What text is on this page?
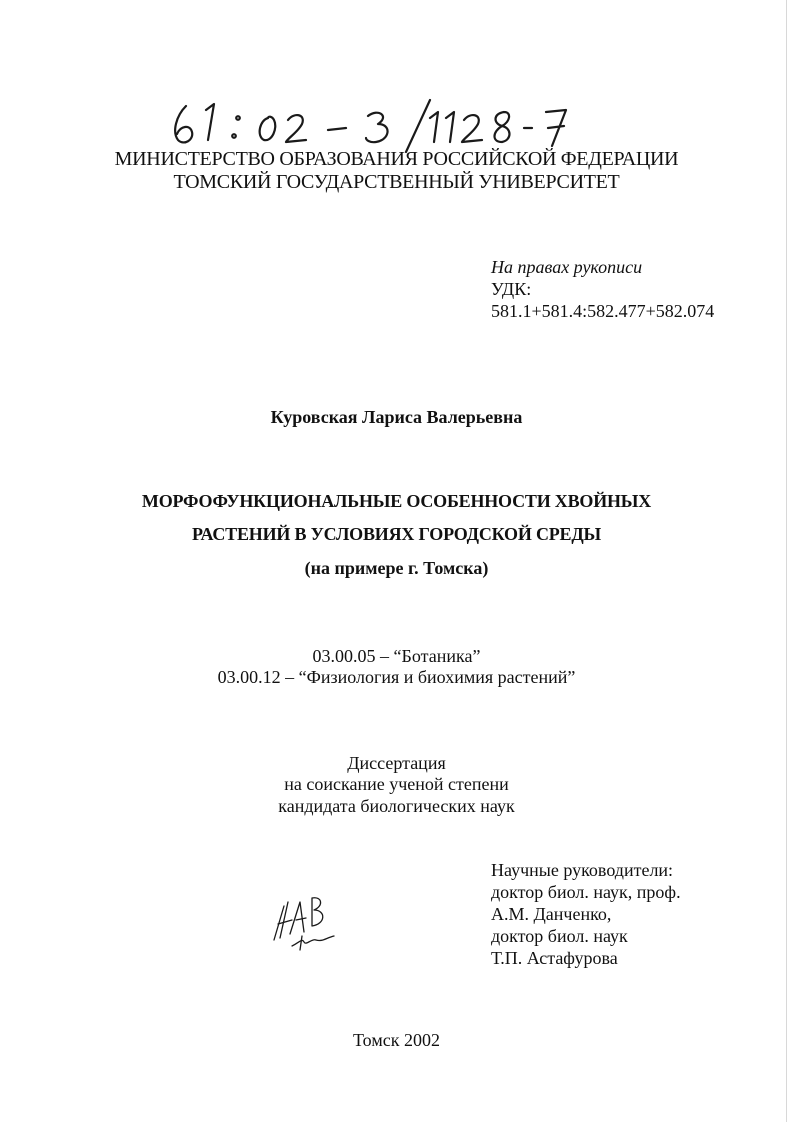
МИНИСТЕРСТВО ОБРАЗОВАНИЯ РОССИЙСКОЙ ФЕДЕРАЦИИ
ТОМСКИЙ ГОСУДАРСТВЕННЫЙ УНИВЕРСИТЕТ
На правах рукописи
УДК:
581.1+581.4:582.477+582.074
Куровская Лариса Валерьевна
МОРФОФУНКЦИОНАЛЬНЫЕ ОСОБЕННОСТИ ХВОЙНЫХ
РАСТЕНИЙ В УСЛОВИЯХ ГОРОДСКОЙ СРЕДЫ
(на примере г. Томска)
03.00.05 – “Ботаника”
03.00.12 – “Физиология и биохимия растений”
Диссертация
на соискание ученой степени
кандидата биологических наук
Научные руководители:
доктор биол. наук, проф.
А.М. Данченко,
доктор биол. наук
Т.П. Астафурова
Томск 2002
